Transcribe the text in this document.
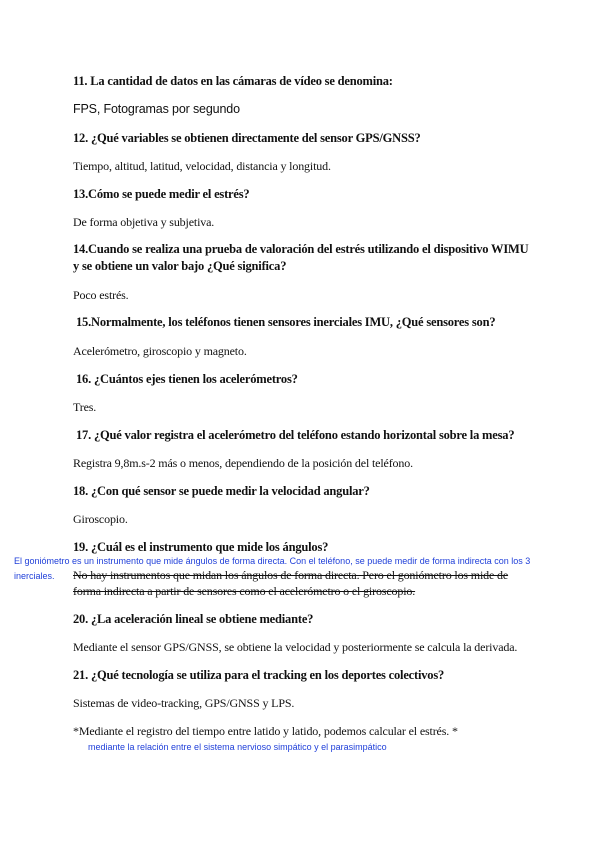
11. La cantidad de datos en las cámaras de vídeo se denomina:
FPS, Fotogramas por segundo
12. ¿Qué variables se obtienen directamente del sensor GPS/GNSS?
Tiempo, altitud, latitud, velocidad, distancia y longitud.
13.Cómo se puede medir el estrés?
De forma objetiva y subjetiva.
14.Cuando se realiza una prueba de valoración del estrés utilizando el dispositivo WIMU
y se obtiene un valor bajo ¿Qué significa?
Poco estrés.
15.Normalmente, los teléfonos tienen sensores inerciales IMU, ¿Qué sensores son?
Acelerómetro, giroscopio y magneto.
16. ¿Cuántos ejes tienen los acelerómetros?
Tres.
17. ¿Qué valor registra el acelerómetro del teléfono estando horizontal sobre la mesa?
Registra 9,8m.s-2 más o menos, dependiendo de la posición del teléfono.
18. ¿Con qué sensor se puede medir la velocidad angular?
Giroscopio.
19. ¿Cuál es el instrumento que mide los ángulos?
El goniómetro es un instrumento que mide ángulos de forma directa. Con el teléfono, se puede medir de forma indirecta con los 3
inerciales. No hay instrumentos que midan los ángulos de forma directa. Pero el goniómetro los mide de
forma indirecta a partir de sensores como el acelerómetro o el giroscopio.
20. ¿La aceleración lineal se obtiene mediante?
Mediante el sensor GPS/GNSS, se obtiene la velocidad y posteriormente se calcula la derivada.
21. ¿Qué tecnología se utiliza para el tracking en los deportes colectivos?
Sistemas de video-tracking, GPS/GNSS y LPS.
*Mediante el registro del tiempo entre latido y latido, podemos calcular el estrés. *
mediante la relación entre el sistema nervioso simpático y el parasimpático
